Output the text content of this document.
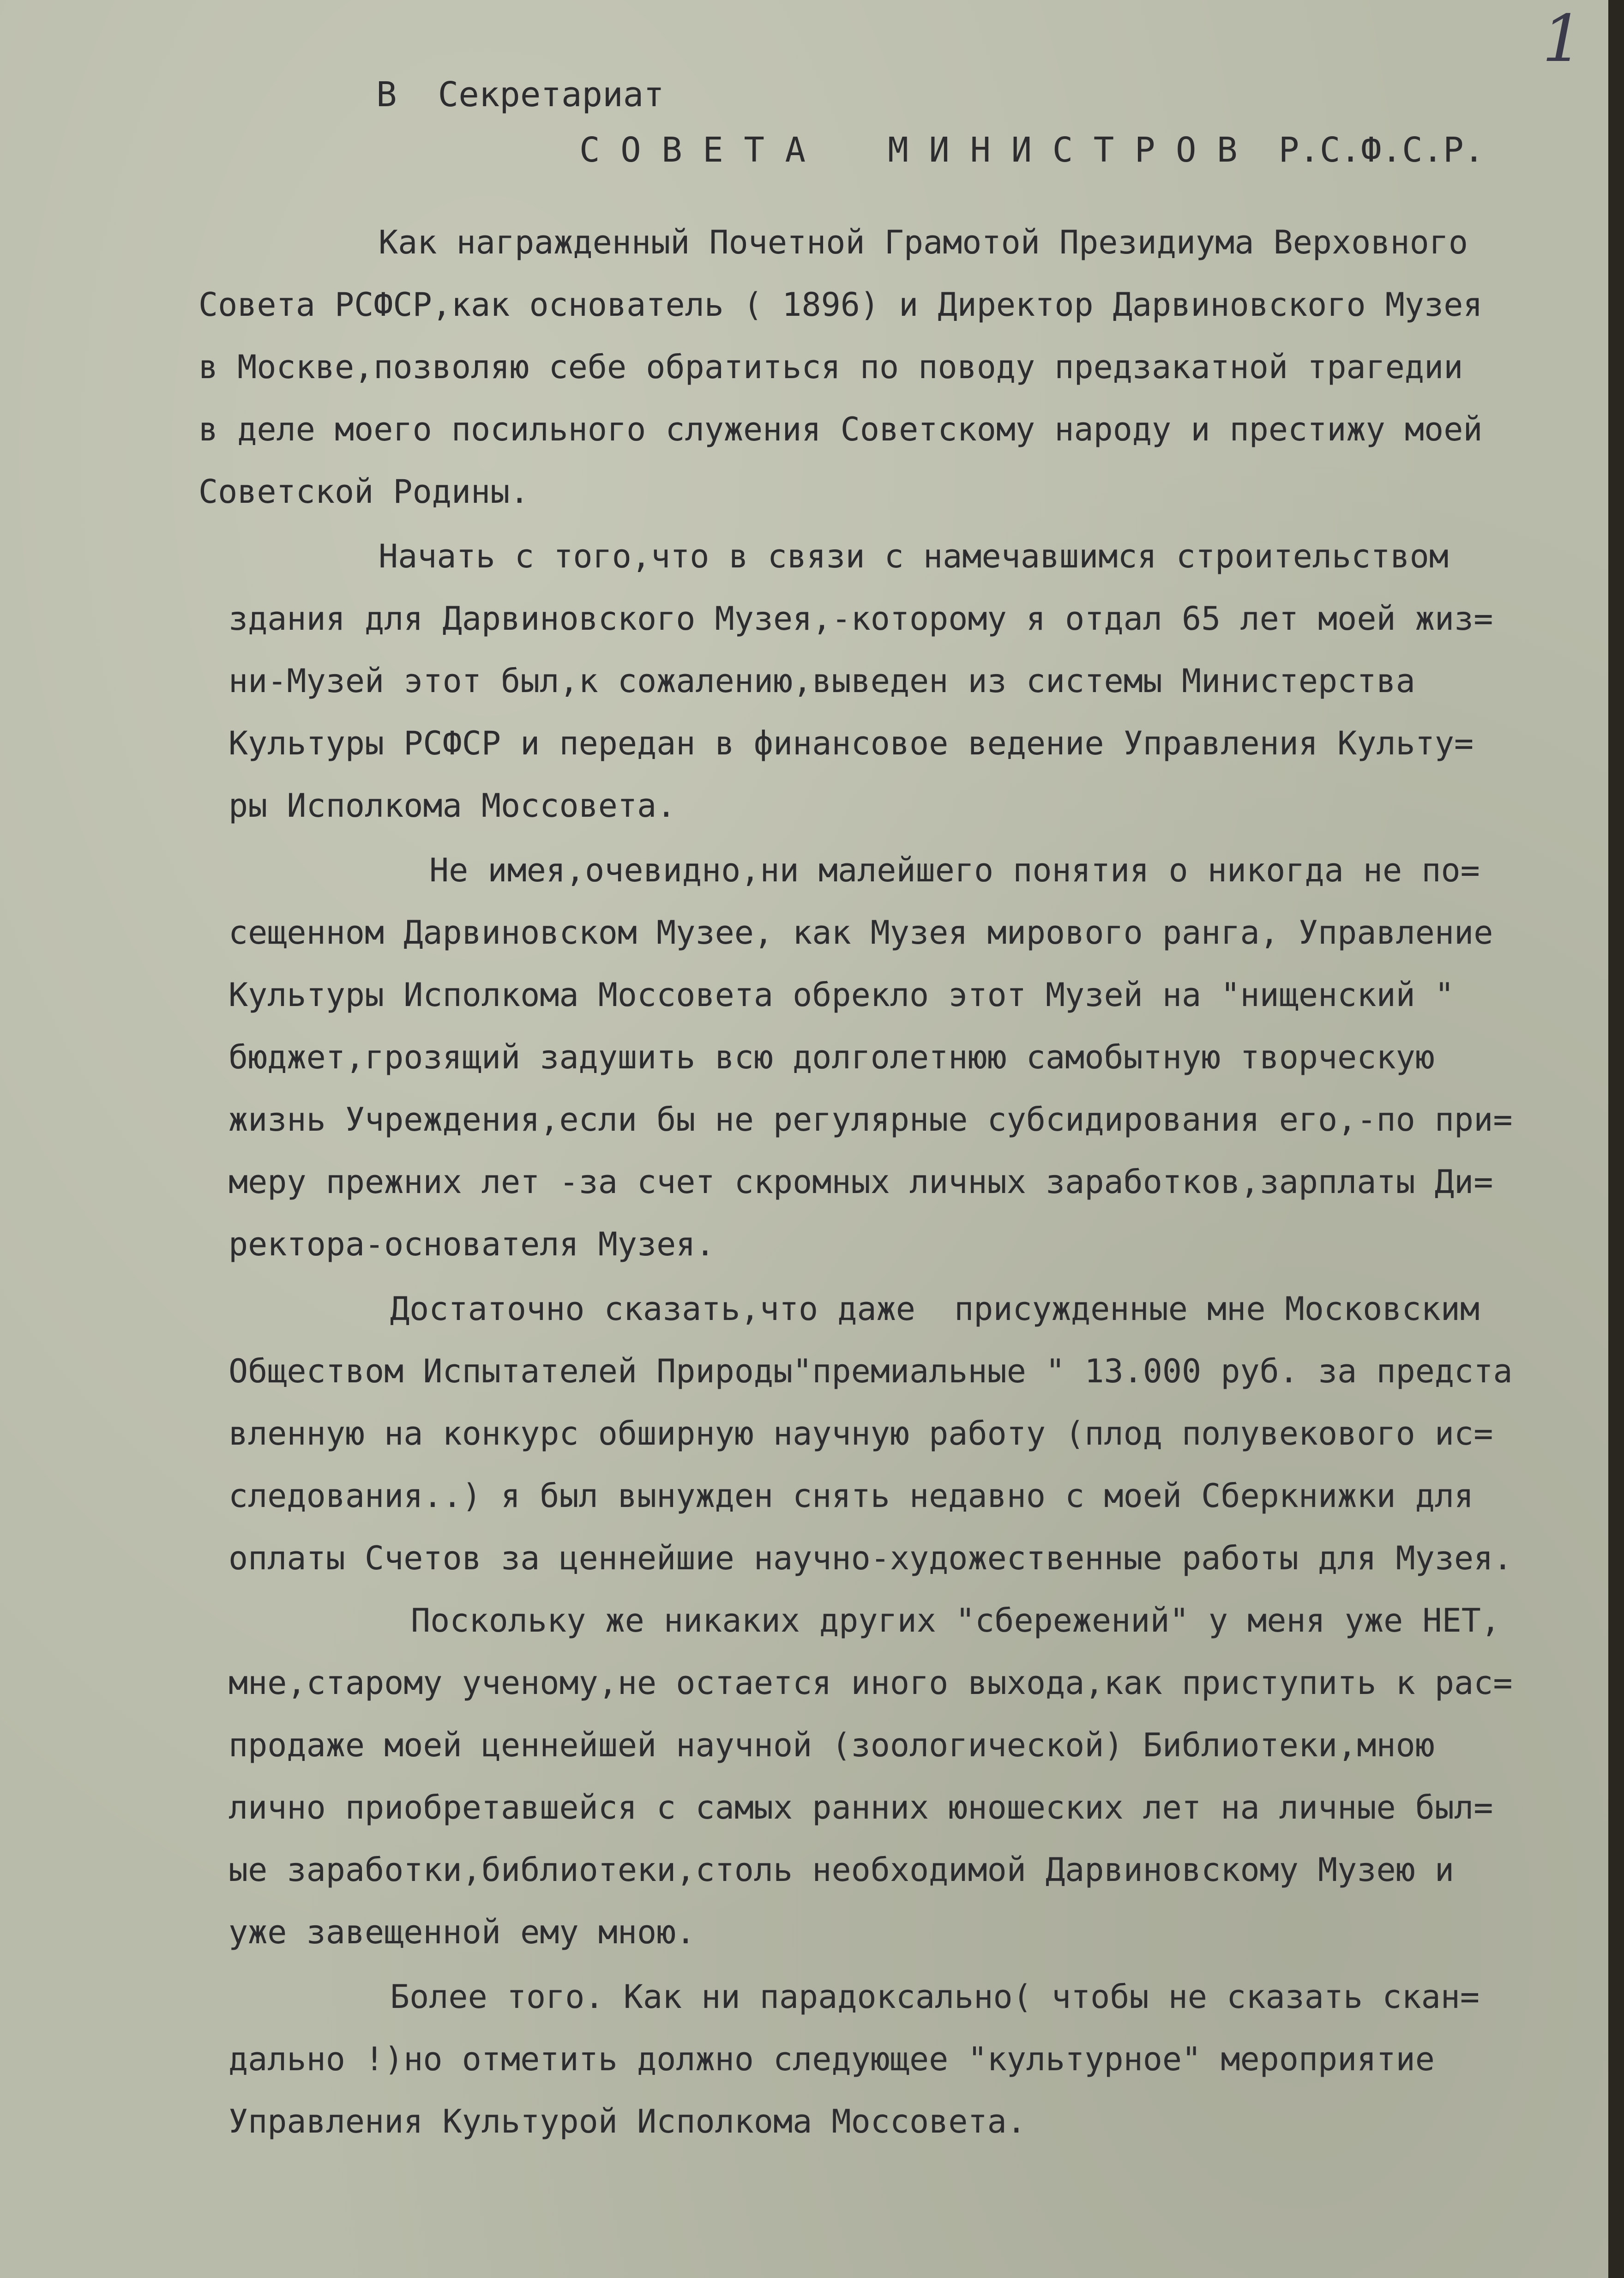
1
В  Секретариат
С О В Е Т А    М И Н И С Т Р О В  Р.С.Ф.С.Р.
Как награжденный Почетной Грамотой Президиума Верховного
Совета РСФСР,как основатель ( 1896) и Директор Дарвиновского Музея
в Москве,позволяю себе обратиться по поводу предзакатной трагедии
в деле моего посильного служения Советскому народу и престижу моей
Советской Родины.
Начать с того,что в связи с намечавшимся строительством
здания для Дарвиновского Музея,-которому я отдал 65 лет моей жиз=
ни-Музей этот был,к сожалению,выведен из системы Министерства
Культуры РСФСР и передан в финансовое ведение Управления Культу=
ры Исполкома Моссовета.
Не имея,очевидно,ни малейшего понятия о никогда не по=
сещенном Дарвиновском Музее, как Музея мирового ранга, Управление
Культуры Исполкома Моссовета обрекло этот Музей на "нищенский "
бюджет,грозящий задушить всю долголетнюю самобытную творческую
жизнь Учреждения,если бы не регулярные субсидирования его,-по при=
меру прежних лет -за счет скромных личных заработков,зарплаты Ди=
ректора-основателя Музея.
Достаточно сказать,что даже  присужденные мне Московским
Обществом Испытателей Природы"премиальные " 13.000 руб. за предста
вленную на конкурс обширную научную работу (плод полувекового ис=
следования..) я был вынужден снять недавно с моей Сберкнижки для
оплаты Счетов за ценнейшие научно-художественные работы для Музея.
Поскольку же никаких других "сбережений" у меня уже НЕТ,
мне,старому ученому,не остается иного выхода,как приступить к рас=
продаже моей ценнейшей научной (зоологической) Библиотеки,мною
лично приобретавшейся с самых ранних юношеских лет на личные был=
ые заработки,библиотеки,столь необходимой Дарвиновскому Музею и
уже завещенной ему мною.
Более того. Как ни парадоксально( чтобы не сказать скан=
дально !)но отметить должно следующее "культурное" мероприятие
Управления Культурой Исполкома Моссовета.
